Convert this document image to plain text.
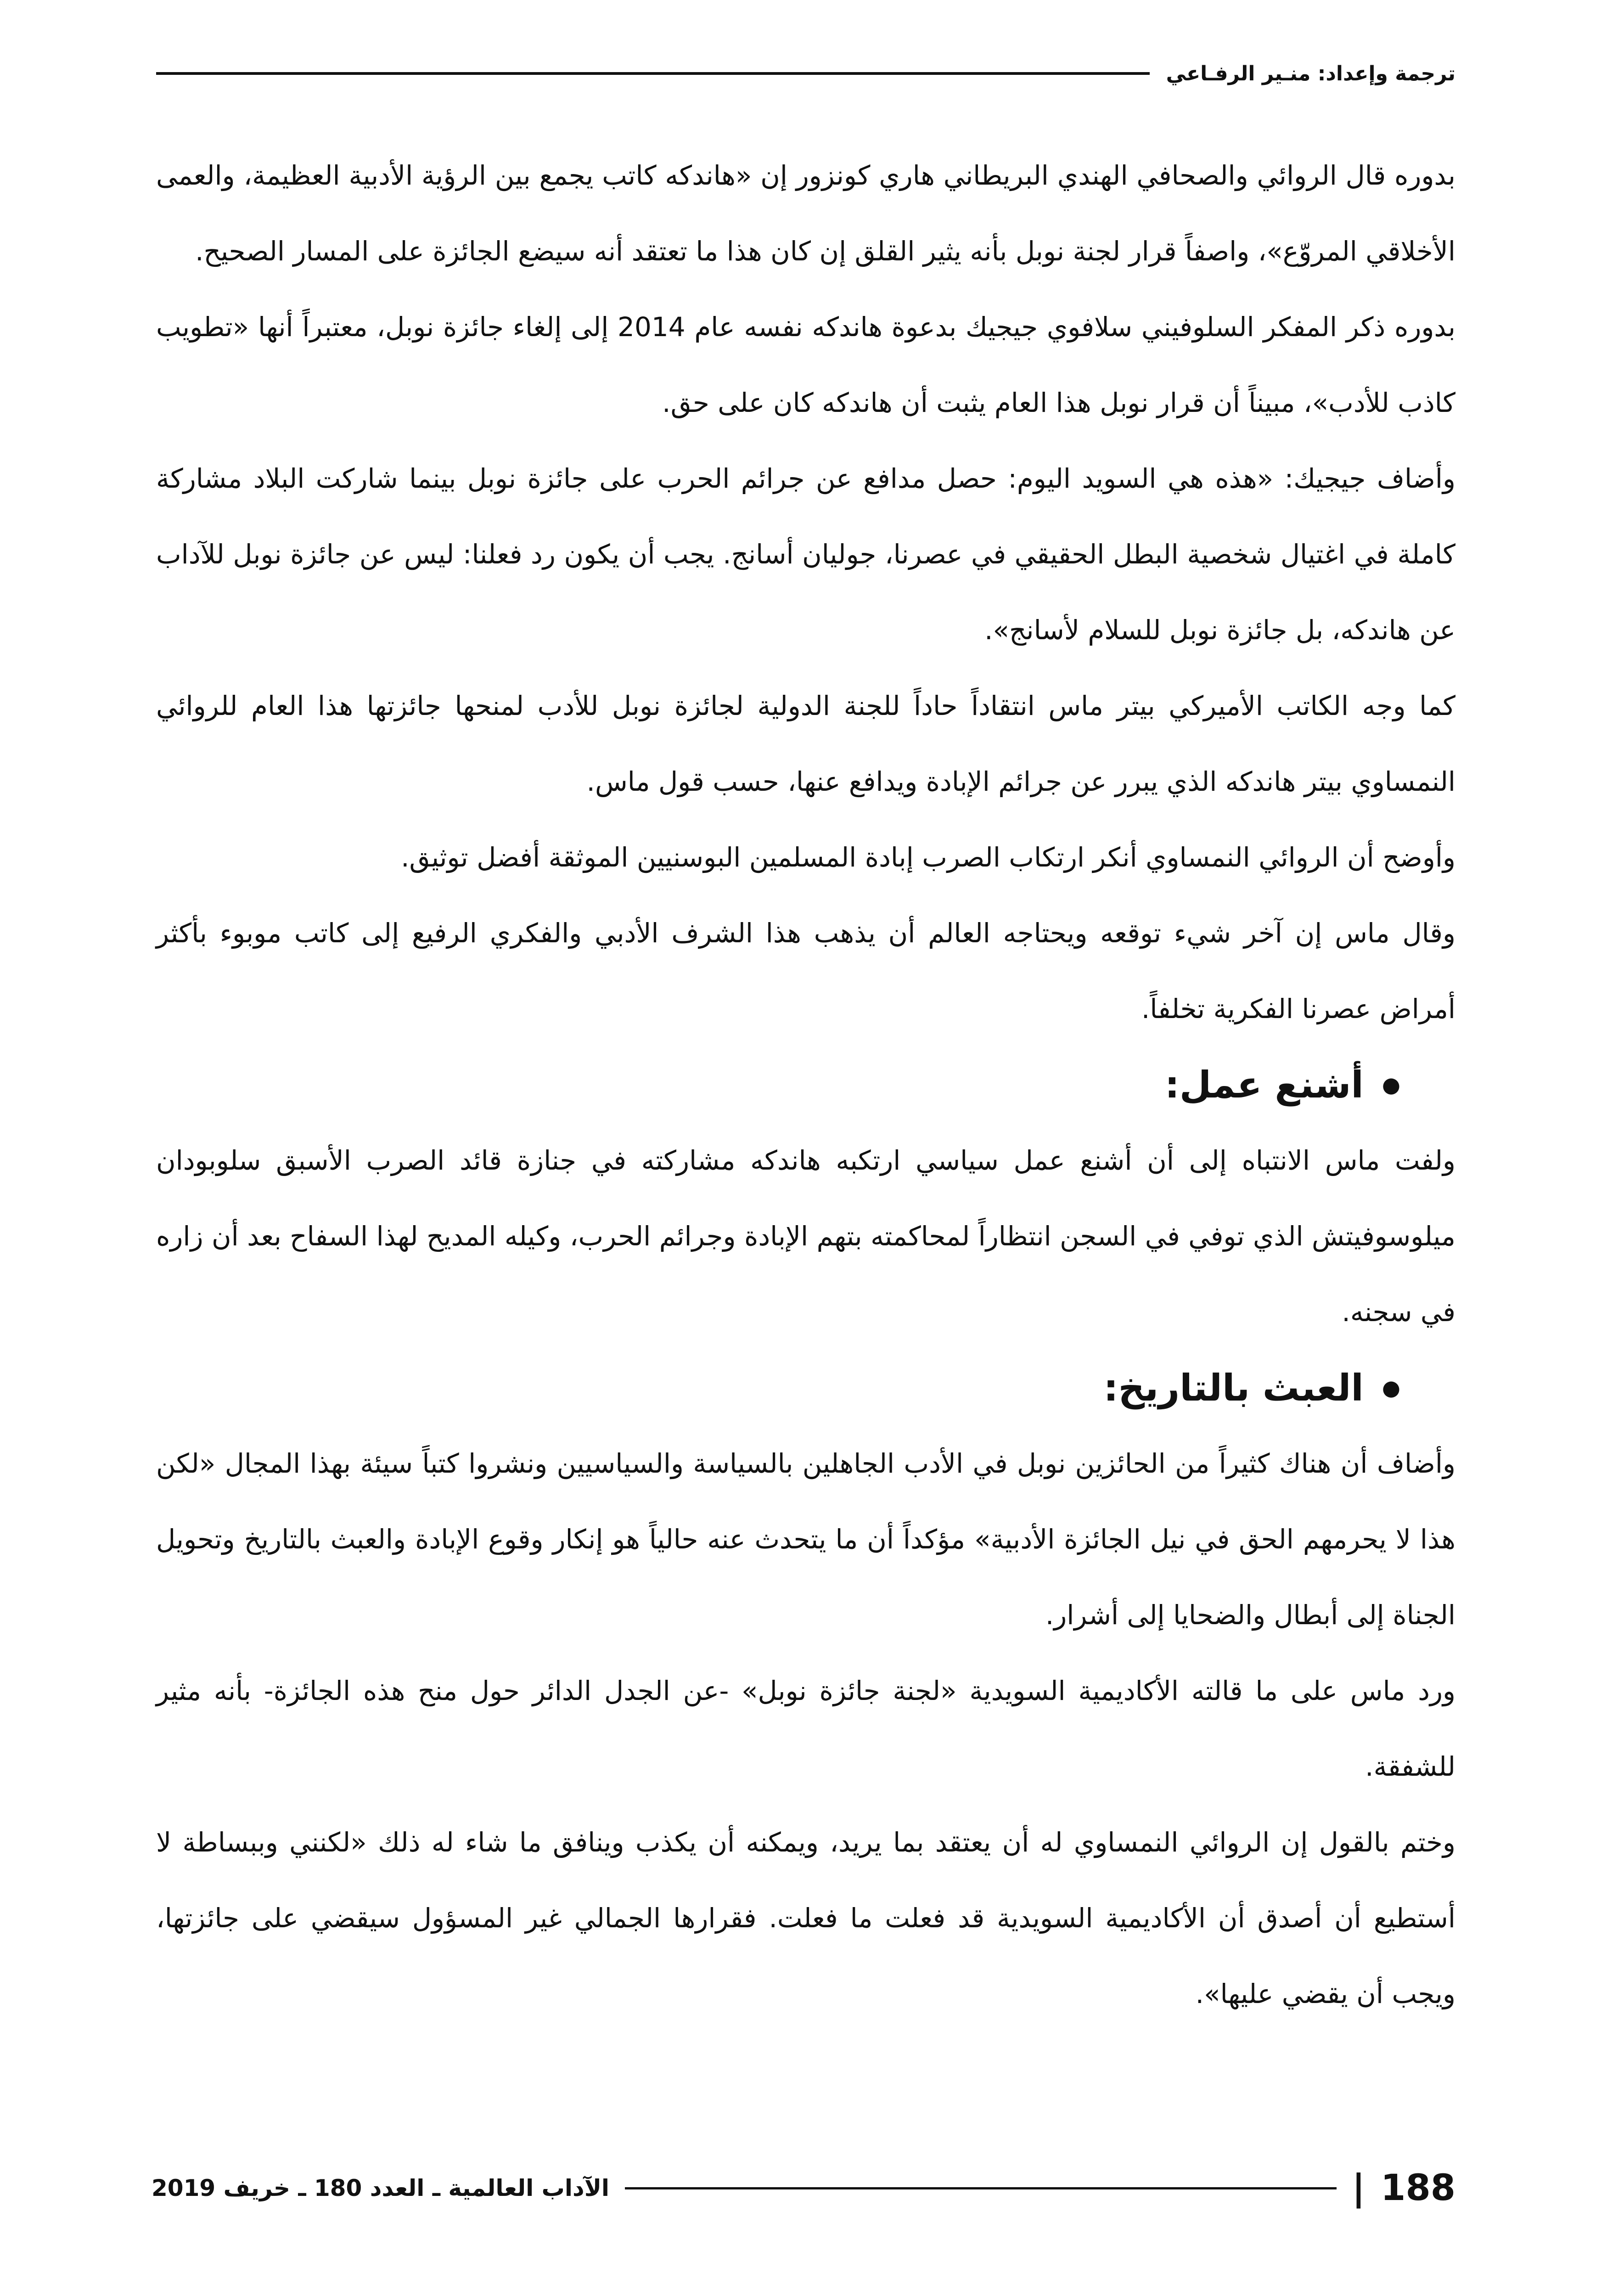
ترجمة وإعداد: منـير الرفـاعي

بدوره قال الروائي والصحافي الهندي البريطاني هاري كونزور إن «هاندكه كاتب يجمع بين الرؤية الأدبية العظيمة، والعمى الأخلاقي المروّع»، واصفاً قرار لجنة نوبل بأنه يثير القلق إن كان هذا ما تعتقد أنه سيضع الجائزة على المسار الصحيح.

بدوره ذكر المفكر السلوفيني سلافوي جيجيك بدعوة هاندكه نفسه عام 2014 إلى إلغاء جائزة نوبل، معتبراً أنها «تطويب كاذب للأدب»، مبيناً أن قرار نوبل هذا العام يثبت أن هاندكه كان على حق.

وأضاف جيجيك: «هذه هي السويد اليوم: حصل مدافع عن جرائم الحرب على جائزة نوبل بينما شاركت البلاد مشاركة كاملة في اغتيال شخصية البطل الحقيقي في عصرنا، جوليان أسانج. يجب أن يكون رد فعلنا: ليس عن جائزة نوبل للآداب عن هاندكه، بل جائزة نوبل للسلام لأسانج».

كما وجه الكاتب الأميركي بيتر ماس انتقاداً حاداً للجنة الدولية لجائزة نوبل للأدب لمنحها جائزتها هذا العام للروائي النمساوي بيتر هاندكه الذي يبرر عن جرائم الإبادة ويدافع عنها، حسب قول ماس.

وأوضح أن الروائي النمساوي أنكر ارتكاب الصرب إبادة المسلمين البوسنيين الموثقة أفضل توثيق.

وقال ماس إن آخر شيء توقعه ويحتاجه العالم أن يذهب هذا الشرف الأدبي والفكري الرفيع إلى كاتب موبوء بأكثر أمراض عصرنا الفكرية تخلفاً.

●
أشنع عمل:

ولفت ماس الانتباه إلى أن أشنع عمل سياسي ارتكبه هاندكه مشاركته في جنازة قائد الصرب الأسبق سلوبودان ميلوسوفيتش الذي توفي في السجن انتظاراً لمحاكمته بتهم الإبادة وجرائم الحرب، وكيله المديح لهذا السفاح بعد أن زاره في سجنه.

●
العبث بالتاريخ:

وأضاف أن هناك كثيراً من الحائزين نوبل في الأدب الجاهلين بالسياسة والسياسيين ونشروا كتباً سيئة بهذا المجال «لكن هذا لا يحرمهم الحق في نيل الجائزة الأدبية» مؤكداً أن ما يتحدث عنه حالياً هو إنكار وقوع الإبادة والعبث بالتاريخ وتحويل الجناة إلى أبطال والضحايا إلى أشرار.

ورد ماس على ما قالته الأكاديمية السويدية «لجنة جائزة نوبل» -عن الجدل الدائر حول منح هذه الجائزة- بأنه مثير للشفقة.

وختم بالقول إن الروائي النمساوي له أن يعتقد بما يريد، ويمكنه أن يكذب وينافق ما شاء له ذلك «لكنني وببساطة لا أستطيع أن أصدق أن الأكاديمية السويدية قد فعلت ما فعلت. فقرارها الجمالي غير المسؤول سيقضي على جائزتها، ويجب أن يقضي عليها».

188
|
الآداب العالمية ـ العدد 180 ـ خريف 2019
